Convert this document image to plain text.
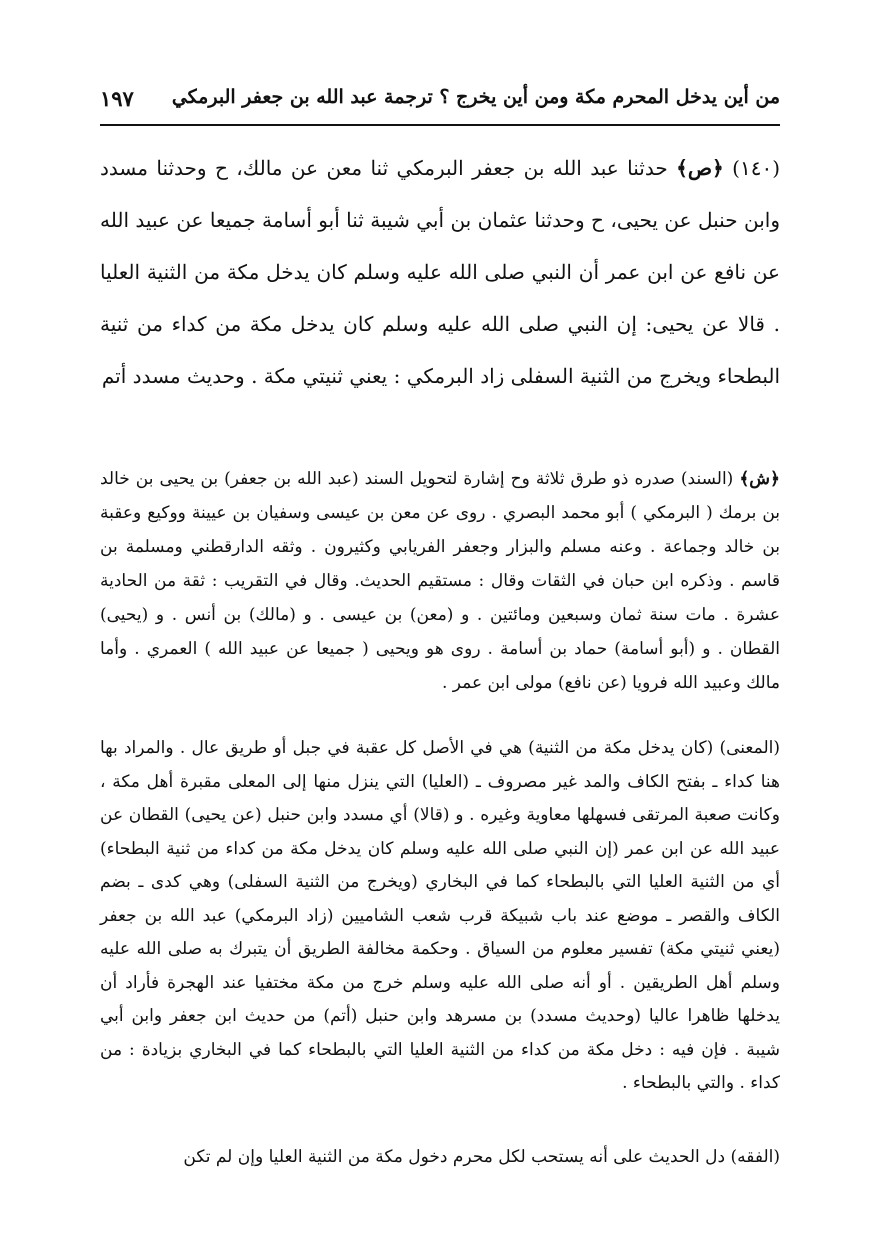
من أين يدخل المحرم مكة ومن أين يخرج ؟ ترجمة عبد الله بن جعفر البرمكي
١٩٧

(١٤٠) ﴿ص﴾ حدثنا عبد الله بن جعفر البرمكي ثنا معن عن مالك، ح وحدثنا مسدد وابن حنبل عن يحيى، ح وحدثنا عثمان بن أبي شيبة ثنا أبو أسامة جميعا عن عبيد الله عن نافع عن ابن عمر أن النبي صلى الله عليه وسلم كان يدخل مكة من الثنية العليا . قالا عن يحيى: إن النبي صلى الله عليه وسلم كان يدخل مكة من كداء من ثنية البطحاء ويخرج من الثنية السفلى زاد البرمكي : يعني ثنيتي مكة . وحديث مسدد أتم

﴿ش﴾ (السند) صدره ذو طرق ثلاثة وح إشارة لتحويل السند (عبد الله بن جعفر) بن يحيى بن خالد بن برمك ( البرمكي ) أبو محمد البصري . روى عن معن بن عيسى وسفيان بن عيينة ووكيع وعقبة بن خالد وجماعة . وعنه مسلم والبزار وجعفر الفريابي وكثيرون . وثقه الدارقطني ومسلمة بن قاسم . وذكره ابن حبان في الثقات وقال : مستقيم الحديث. وقال في التقريب : ثقة من الحادية عشرة . مات سنة ثمان وسبعين ومائتين . و (معن) بن عيسى . و (مالك) بن أنس . و (يحيى) القطان . و (أبو أسامة) حماد بن أسامة . روى هو ويحيى ( جميعا عن عبيد الله ) العمري . وأما مالك وعبيد الله فرويا (عن نافع) مولى ابن عمر .

(المعنى) (كان يدخل مكة من الثنية) هي في الأصل كل عقبة في جبل أو طريق عال . والمراد بها هنا كداء ـ بفتح الكاف والمد غير مصروف ـ (العليا) التي ينزل منها إلى المعلى مقبرة أهل مكة ، وكانت صعبة المرتقى فسهلها معاوية وغيره . و (قالا) أي مسدد وابن حنبل (عن يحيى) القطان عن عبيد الله عن ابن عمر (إن النبي صلى الله عليه وسلم كان يدخل مكة من كداء من ثنية البطحاء) أي من الثنية العليا التي بالبطحاء كما في البخاري (ويخرج من الثنية السفلى) وهي كدى ـ بضم الكاف والقصر ـ موضع عند باب شبيكة قرب شعب الشاميين (زاد البرمكي) عبد الله بن جعفر (يعني ثنيتي مكة) تفسير معلوم من السياق . وحكمة مخالفة الطريق أن يتبرك به صلى الله عليه وسلم أهل الطريقين . أو أنه صلى الله عليه وسلم خرج من مكة مختفيا عند الهجرة فأراد أن يدخلها ظاهرا عاليا (وحديث مسدد) بن مسرهد وابن حنبل (أتم) من حديث ابن جعفر وابن أبي شيبة . فإن فيه : دخل مكة من كداء من الثنية العليا التي بالبطحاء كما في البخاري بزيادة : من كداء . والتي بالبطحاء .

(الفقه) دل الحديث على أنه يستحب لكل محرم دخول مكة من الثنية العليا وإن لم تكن
